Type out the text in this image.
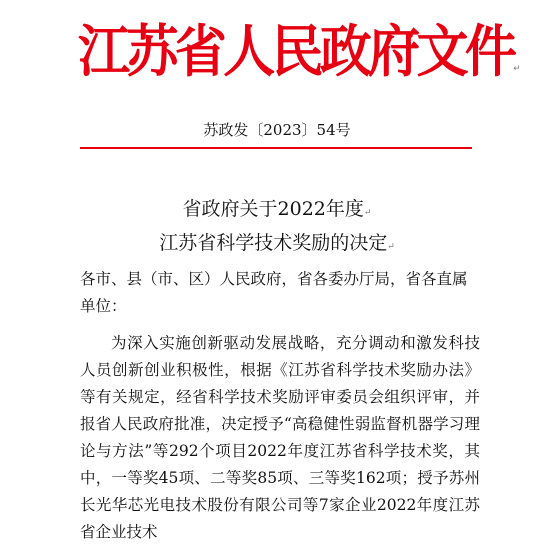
江苏省人民政府文件↵
苏政发〔2023〕54号
省政府关于2022年度↵
江苏省科学技术奖励的决定↵
各市、县（市、区）人民政府，省各委办厅局，省各直属单位：
为深入实施创新驱动发展战略，充分调动和激发科技人员创新创业积极性，根据《江苏省科学技术奖励办法》等有关规定，经省科学技术奖励评审委员会组织评审，并报省人民政府批准，决定授予“高稳健性弱监督机器学习理论与方法”等292个项目2022年度江苏省科学技术奖，其中，一等奖45项、二等奖85项、三等奖162项；授予苏州长光华芯光电技术股份有限公司等7家企业2022年度江苏省企业技术
